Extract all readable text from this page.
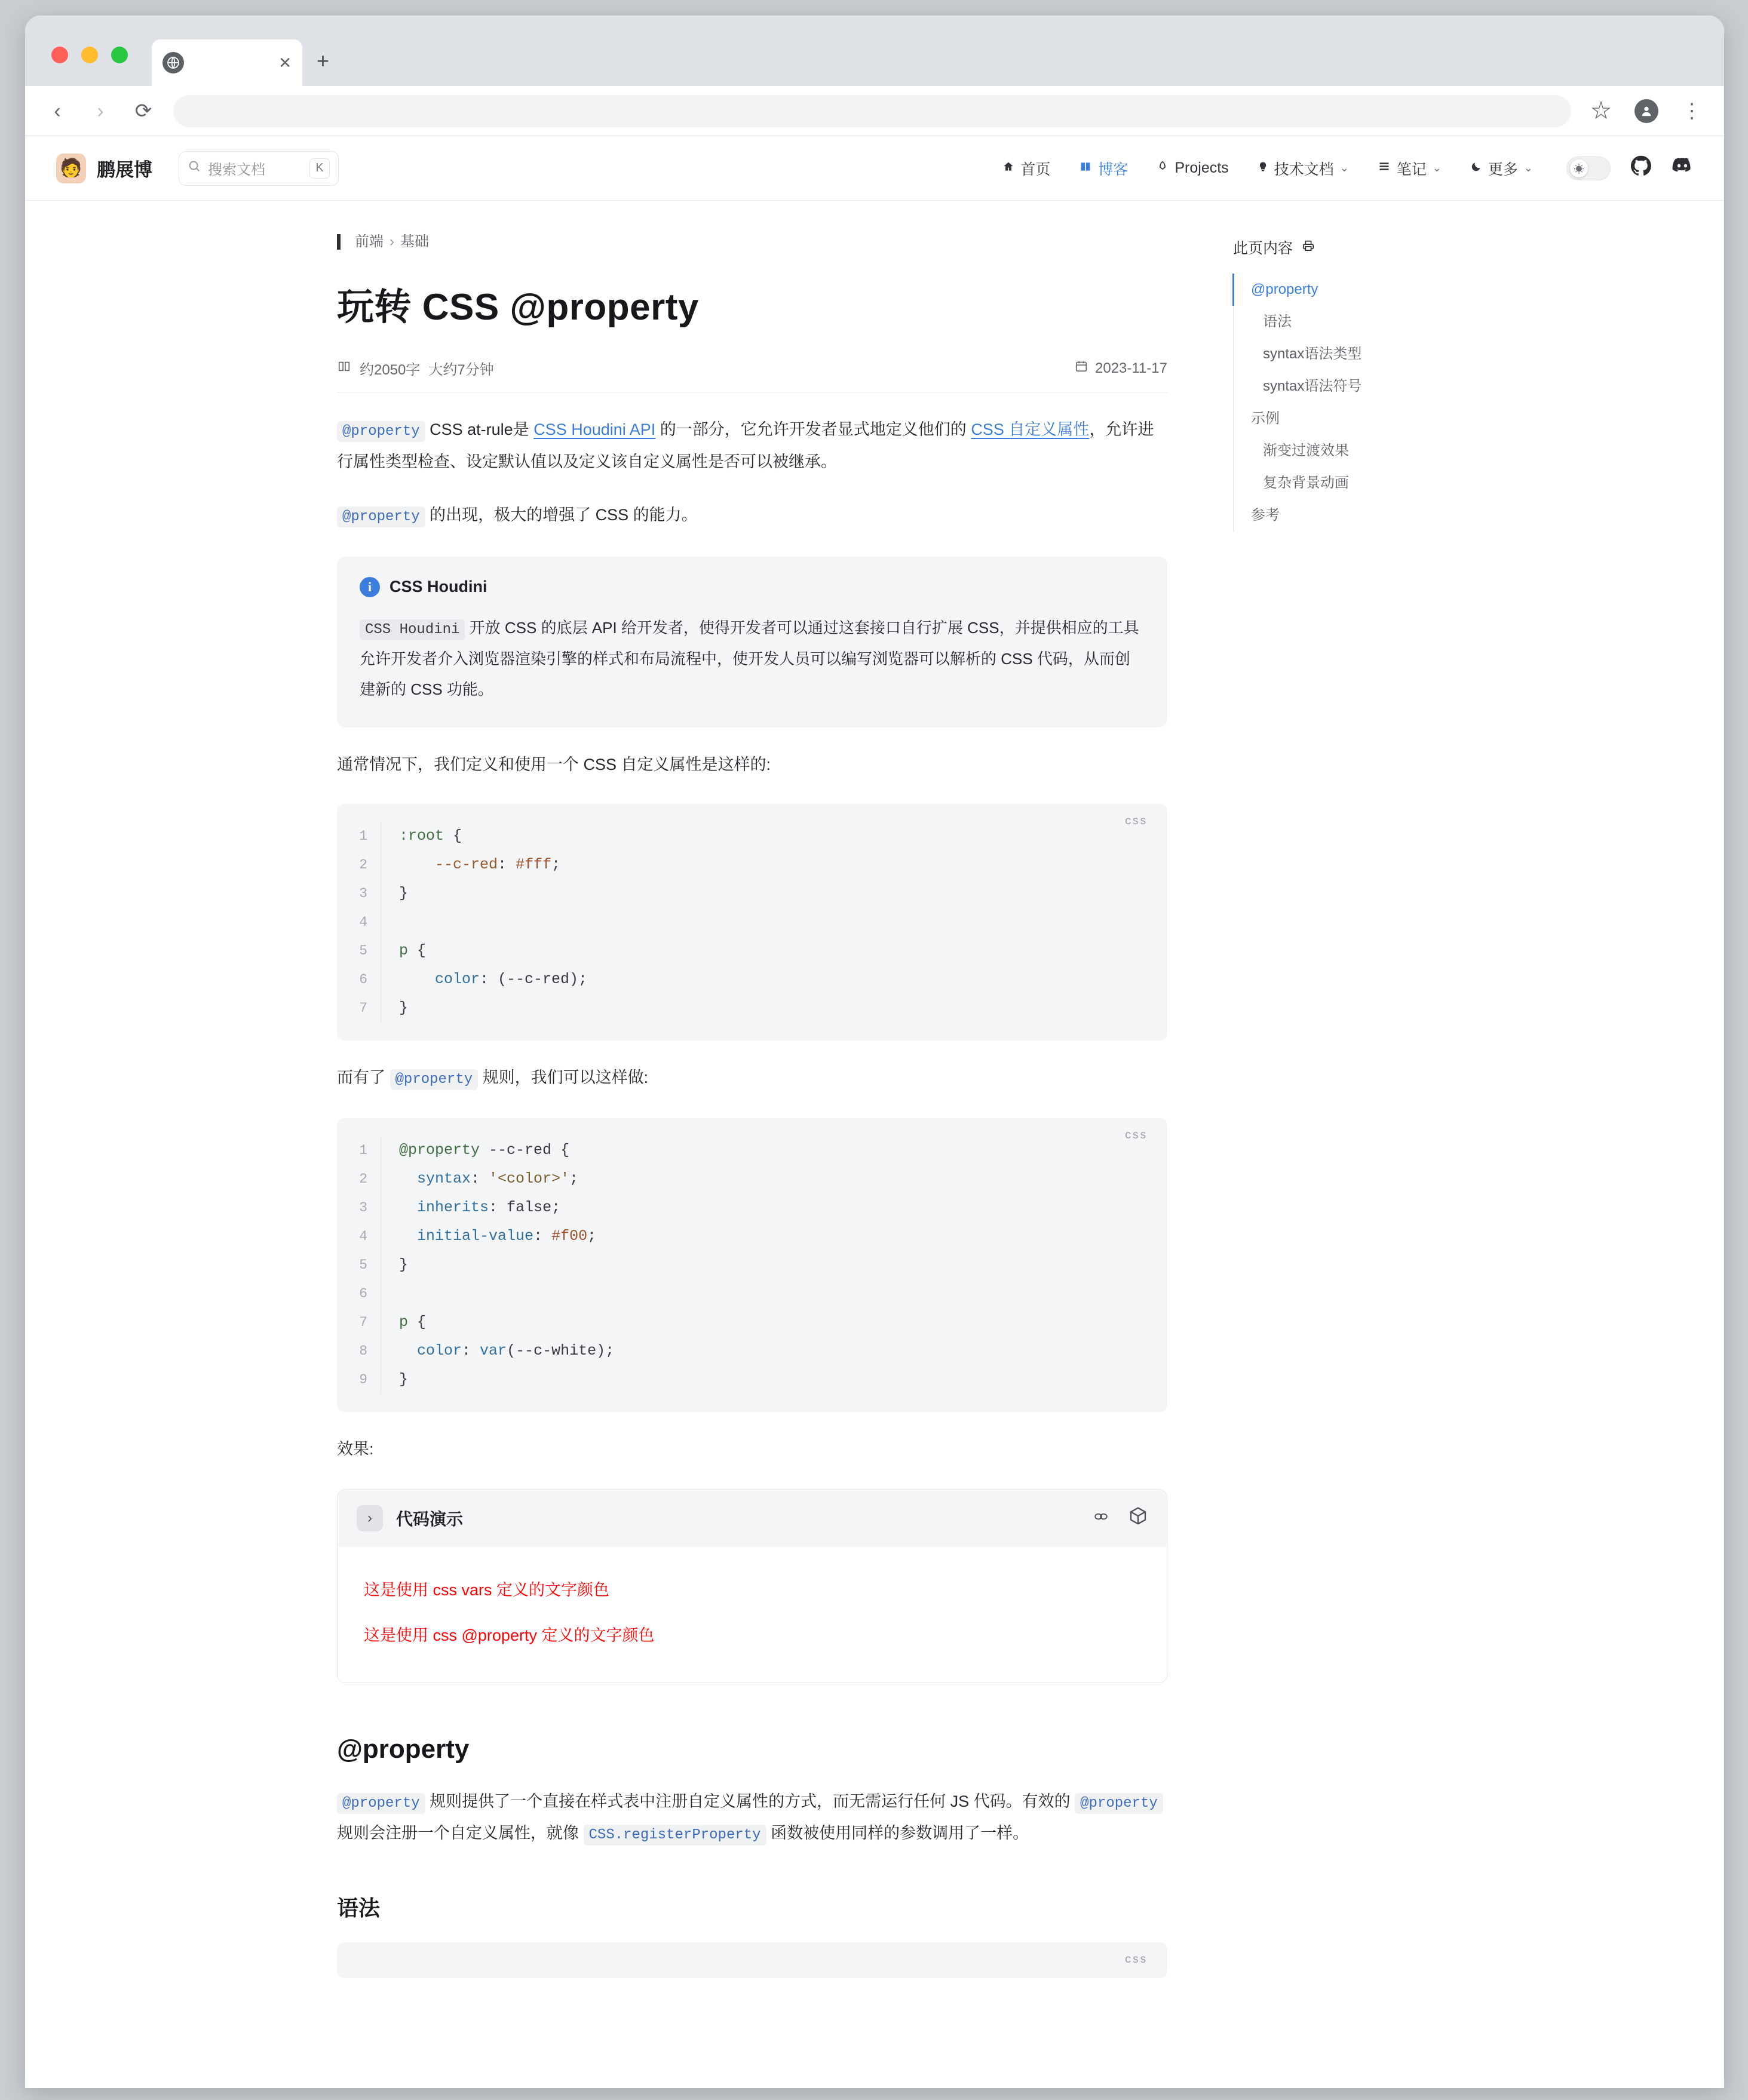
✕ +
‹	›	⟳	☆	⋮
🧑 鹏展博	搜索文档	K	首页	博客	Projects	技术文档 ⌄	笔记 ⌄	更多 ⌄	☀
前端 › 基础
玩转 CSS @property
约2050字 大约7分钟	2023-11-17

@property CSS at-rule是 CSS Houdini API 的一部分，它允许开发者显式地定义他们的 CSS 自定义属性，允许进行属性类型检查、设定默认值以及定义该自定义属性是否可以被继承。

@property 的出现，极大的增强了 CSS 的能力。

i	CSS Houdini
CSS Houdini 开放 CSS 的底层 API 给开发者，使得开发者可以通过这套接口自行扩展 CSS，并提供相应的工具允许开发者介入浏览器渲染引擎的样式和布局流程中，使开发人员可以编写浏览器可以解析的 CSS 代码，从而创建新的 CSS 功能。

通常情况下，我们定义和使用一个 CSS 自定义属性是这样的:

css
1
2
3
4
5
6
7
:root {
--c-red: #fff;
}

p {
color: (--c-red);
}

而有了 @property 规则，我们可以这样做:

css
1
2
3
4
5
6
7
8
9
@property --c-red {
syntax: '<color>';
inherits: false;
initial-value: #f00;
}

p {
color: var(--c-white);
}

效果:

›	代码演示
这是使用 css vars 定义的文字颜色
这是使用 css @property 定义的文字颜色
@property

@property 规则提供了一个直接在样式表中注册自定义属性的方式，而无需运行任何 JS 代码。有效的 @property 规则会注册一个自定义属性，就像 CSS.registerProperty 函数被使用同样的参数调用了一样。

语法
css
此页内容
@property
语法
syntax语法类型
syntax语法符号
示例
渐变过渡效果
复杂背景动画
参考
